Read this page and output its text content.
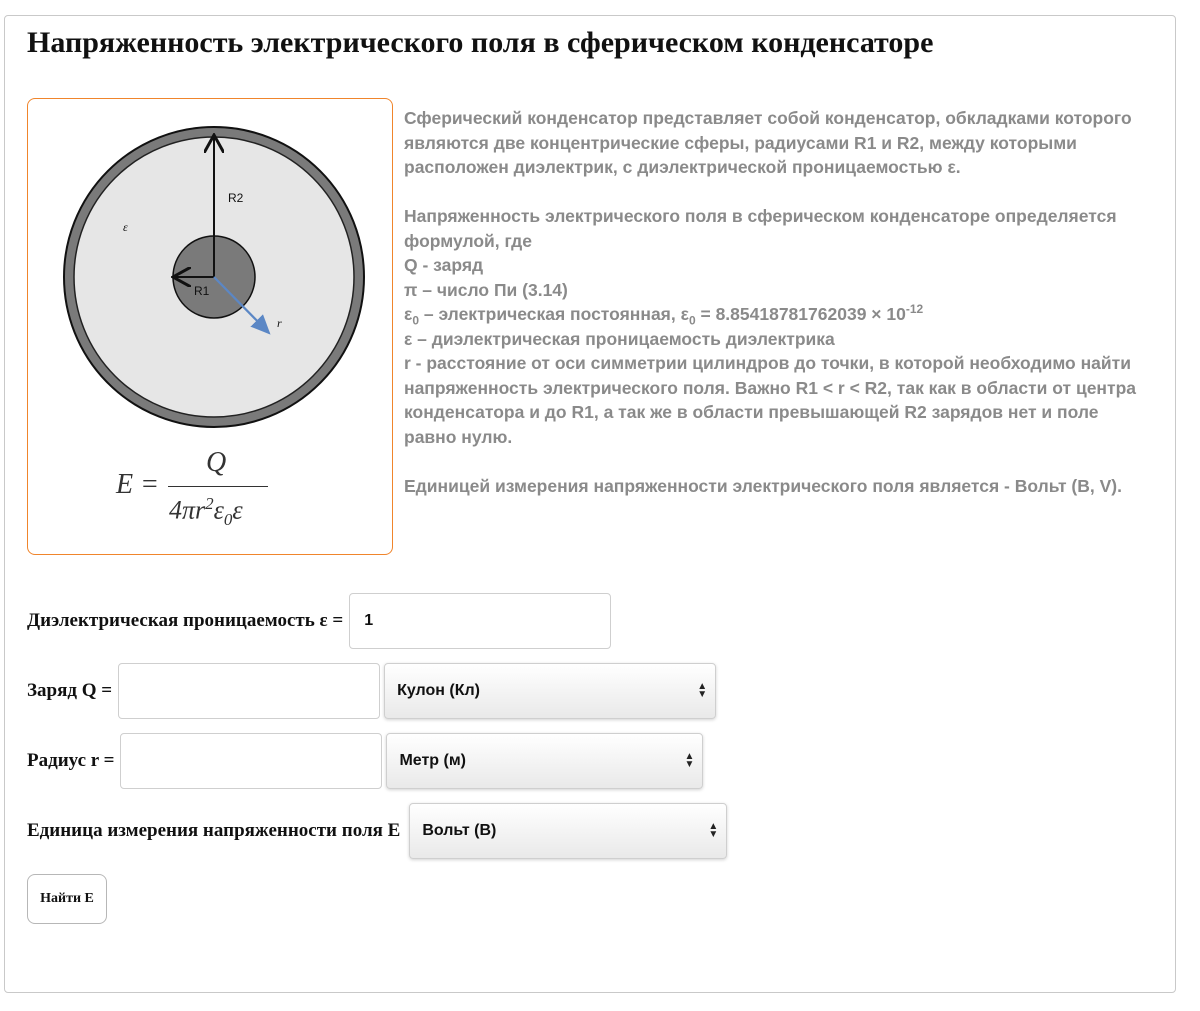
Напряженность электрического поля в сферическом конденсаторе
R2
R1
ε
r
E =
Q
$4\pi r^2\varepsilon_0\varepsilon$

Сферический конденсатор представляет собой конденсатор, обкладками которого являются две концентрические сферы, радиусами R1 и R2, между которыми расположен диэлектрик, с диэлектрической проницаемостью ε.

Напряженность электрического поля в сферическом конденсаторе определяется формулой, где

Q - заряд

π – число Пи (3.14)

$\varepsilon_0$ – электрическая постоянная, $\varepsilon_0 = 8.85418781762039 \times 10^{-12}$

ε – диэлектрическая проницаемость диэлектрика

r - расстояние от оси симметрии цилиндров до точки, в которой необходимо найти напряженность электрического поля. Важно R1 < r < R2, так как в области от центра конденсатора и до R1, а так же в области превышающей R2 зарядов нет и поле равно нулю.

Единицей измерения напряженности электрического поля является - Вольт (В, V).

Диэлектрическая проницаемость ε =
1
Заряд Q =	Кулон (Кл)	▲
▼
Радиус r =	Метр (м)	▲
▼
Единица измерения напряженности поля E Вольт (В)	▲
▼
Найти E
